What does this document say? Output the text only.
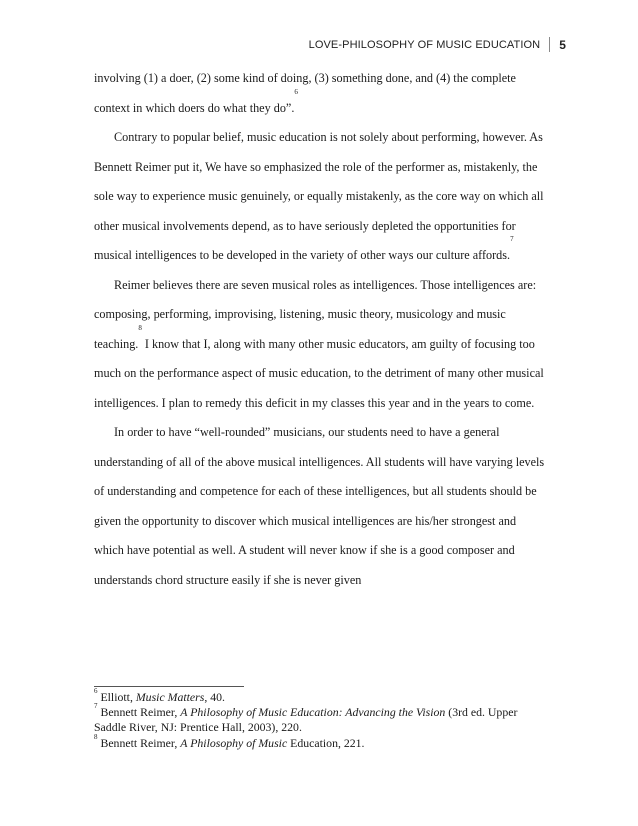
LOVE-PHILOSOPHY OF MUSIC EDUCATION 5

involving (1) a doer, (2) some kind of doing, (3) something done, and (4) the complete context in which doers do what they do”.$^6$

Contrary to popular belief, music education is not solely about performing, however. As Bennett Reimer put it, We have so emphasized the role of the performer as, mistakenly, the sole way to experience music genuinely, or equally mistakenly, as the core way on which all other musical involvements depend, as to have seriously depleted the opportunities for musical intelligences to be developed in the variety of other ways our culture affords.$^7$

Reimer believes there are seven musical roles as intelligences. Those intelligences are: composing, performing, improvising, listening, music theory, musicology and music teaching.$^8$ I know that I, along with many other music educators, am guilty of focusing too much on the performance aspect of music education, to the detriment of many other musical intelligences. I plan to remedy this deficit in my classes this year and in the years to come.

In order to have “well-rounded” musicians, our students need to have a general understanding of all of the above musical intelligences. All students will have varying levels of understanding and competence for each of these intelligences, but all students should be given the opportunity to discover which musical intelligences are his/her strongest and which have potential as well. A student will never know if she is a good composer and understands chord structure easily if she is never given

$^6$ Elliott, Music Matters, 40.

$^7$ Bennett Reimer, A Philosophy of Music Education: Advancing the Vision (3rd ed. Upper Saddle River, NJ: Prentice Hall, 2003), 220.

$^8$ Bennett Reimer, A Philosophy of Music Education, 221.
